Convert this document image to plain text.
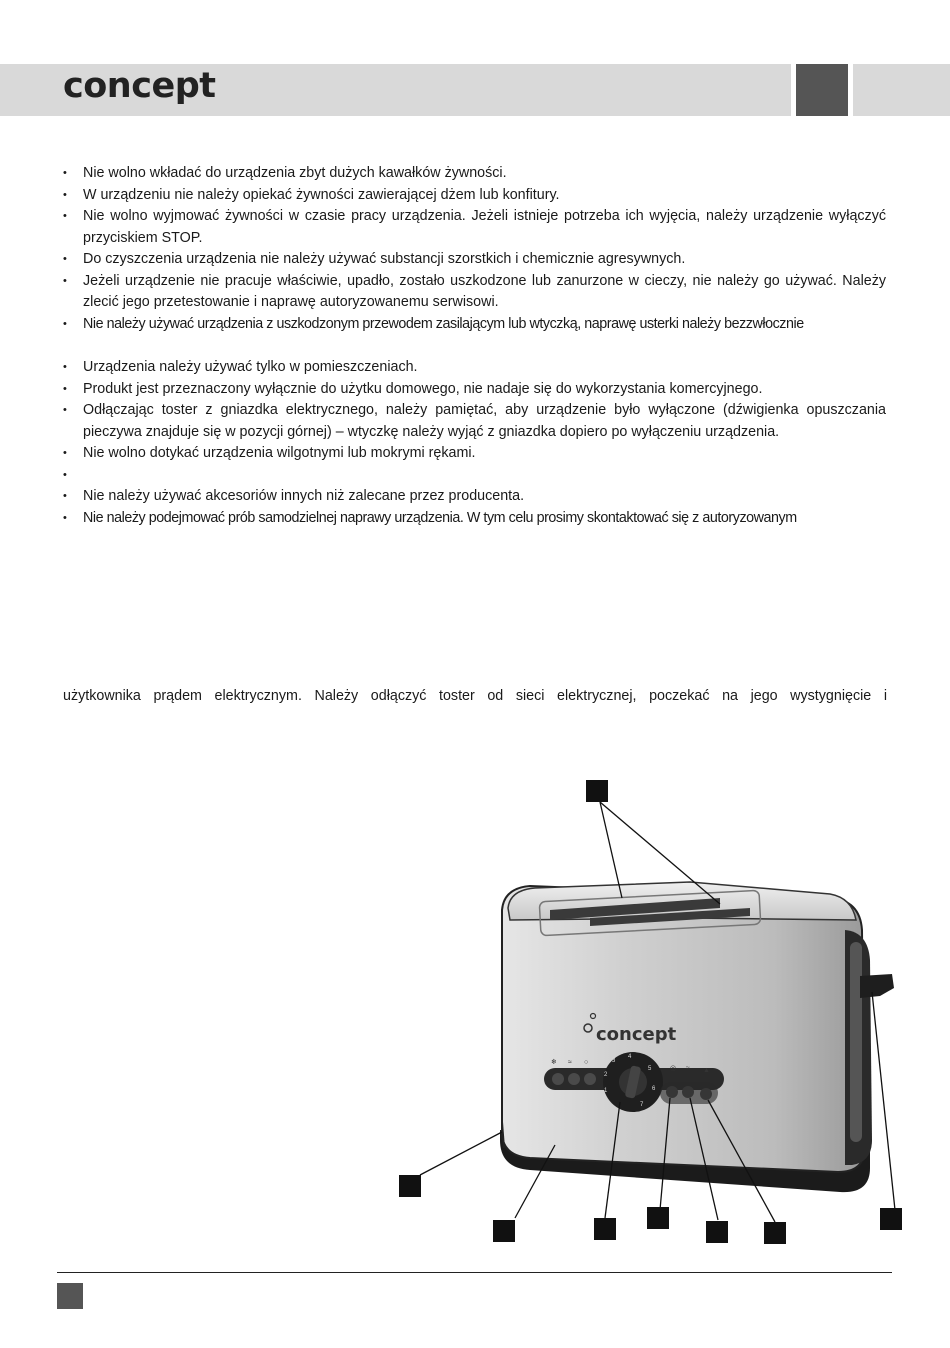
concept
• Nie wolno wkładać do urządzenia zbyt dużych kawałków żywności.
• W urządzeniu nie należy opiekać żywności zawierającej dżem lub konfitury.
• Nie wolno wyjmować żywności w czasie pracy urządzenia. Jeżeli istnieje potrzeba ich wyjęcia, należy urządzenie wyłączyć przyciskiem STOP.
• Do czyszczenia urządzenia nie należy używać substancji szorstkich i chemicznie agresywnych.
• Jeżeli urządzenie nie pracuje właściwie, upadło, zostało uszkodzone lub zanurzone w cieczy, nie należy go używać. Należy zlecić jego przetestowanie i naprawę autoryzowanemu serwisowi.
• Nie należy używać urządzenia z uszkodzonym przewodem zasilającym lub wtyczką, naprawę usterki należy bezzwłocznie
• Urządzenia należy używać tylko w pomieszczeniach.
• Produkt jest przeznaczony wyłącznie do użytku domowego, nie nadaje się do wykorzystania komercyjnego.
• Odłączając toster z gniazdka elektrycznego, należy pamiętać, aby urządzenie było wyłączone (dźwigienka opuszczania pieczywa znajduje się w pozycji górnej) – wtyczkę należy wyjąć z gniazdka dopiero po wyłączeniu urządzenia.
• Nie wolno dotykać urządzenia wilgotnymi lub mokrymi rękami.
•
• Nie należy używać akcesoriów innych niż zalecane przez producenta.
• Nie należy podejmować prób samodzielnej naprawy urządzenia. W tym celu prosimy skontaktować się z autoryzowanym
użytkownika prądem elektrycznym. Należy odłączyć toster od sieci elektrycznej, poczekać na jego wystygnięcie i
concept
1
2
3
4
5
6
7
❄ ≈ ○
◎ ≈ ▲
